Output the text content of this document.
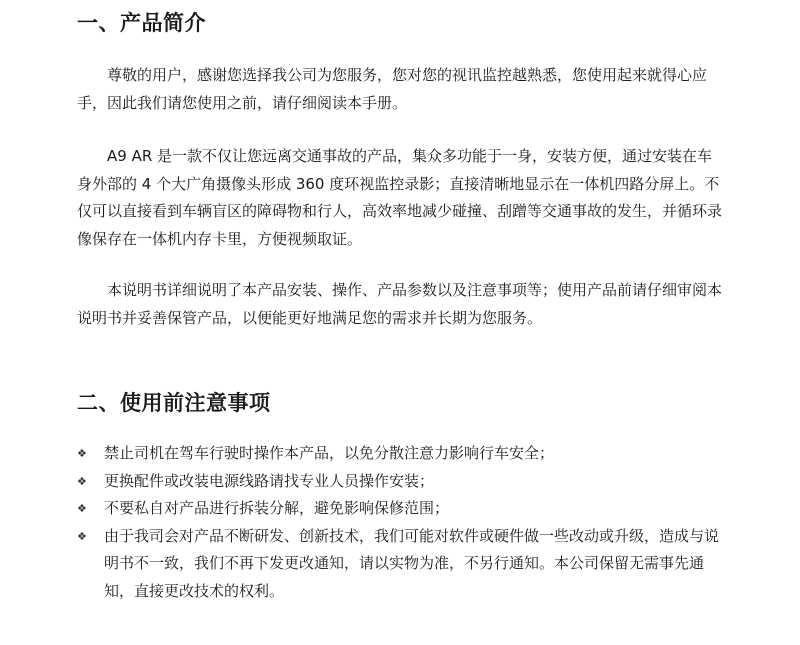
一、产品简介

尊敬的用户，感谢您选择我公司为您服务，您对您的视讯监控越熟悉，您使用起来就得心应手，因此我们请您使用之前，请仔细阅读本手册。

A9 AR 是一款不仅让您远离交通事故的产品，集众多功能于一身，安装方便，通过安装在车身外部的 4 个大广角摄像头形成 360 度环视监控录影；直接清晰地显示在一体机四路分屏上。不仅可以直接看到车辆盲区的障碍物和行人，高效率地减少碰撞、刮蹭等交通事故的发生，并循环录像保存在一体机内存卡里，方便视频取证。

本说明书详细说明了本产品安装、操作、产品参数以及注意事项等；使用产品前请仔细审阅本说明书并妥善保管产品，以便能更好地满足您的需求并长期为您服务。

二、使用前注意事项
❖ 禁止司机在驾车行驶时操作本产品，以免分散注意力影响行车安全；
❖ 更换配件或改装电源线路请找专业人员操作安装；
❖ 不要私自对产品进行拆装分解，避免影响保修范围；
❖ 由于我司会对产品不断研发、创新技术，我们可能对软件或硬件做一些改动或升级，造成与说明书不一致，我们不再下发更改通知，请以实物为准，不另行通知。本公司保留无需事先通知，直接更改技术的权利。
